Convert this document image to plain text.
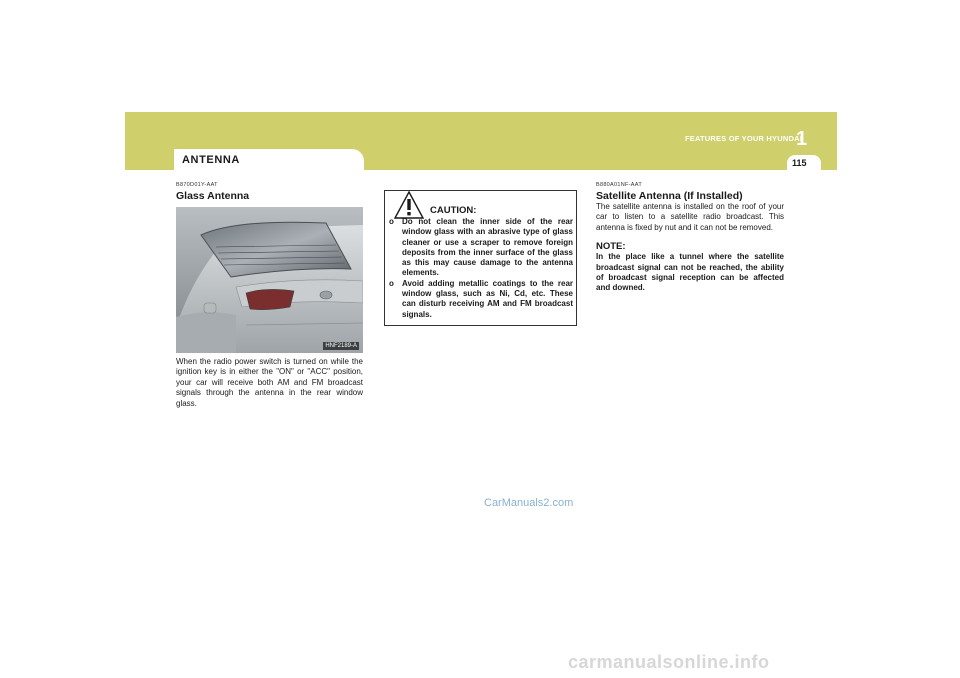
ANTENNA
FEATURES OF YOUR HYUNDAI
1
115
B870D01Y-AAT
Glass Antenna
HNF2189-A
When the radio power switch is turned on while the ignition key is in either the "ON" or "ACC" position, your car will receive both AM and FM broadcast signals through the antenna in the rear window glass.
CAUTION:
o Do not clean the inner side of the rear window glass with an abrasive type of glass cleaner or use a scraper to remove foreign deposits from the inner surface of the glass as this may cause damage to the antenna elements.
o Avoid adding metallic coatings to the rear window glass, such as Ni, Cd, etc. These can disturb receiving AM and FM broadcast signals.
B880A01NF-AAT
Satellite Antenna (If Installed)
The satellite antenna is installed on the roof of your car to listen to a satellite radio broadcast. This antenna is fixed by nut and it can not be removed.
NOTE:
In the place like a tunnel where the satellite broadcast signal can not be reached, the ability of broadcast signal reception can be affected and downed.
CarManuals2.com
carmanualsonline.info
